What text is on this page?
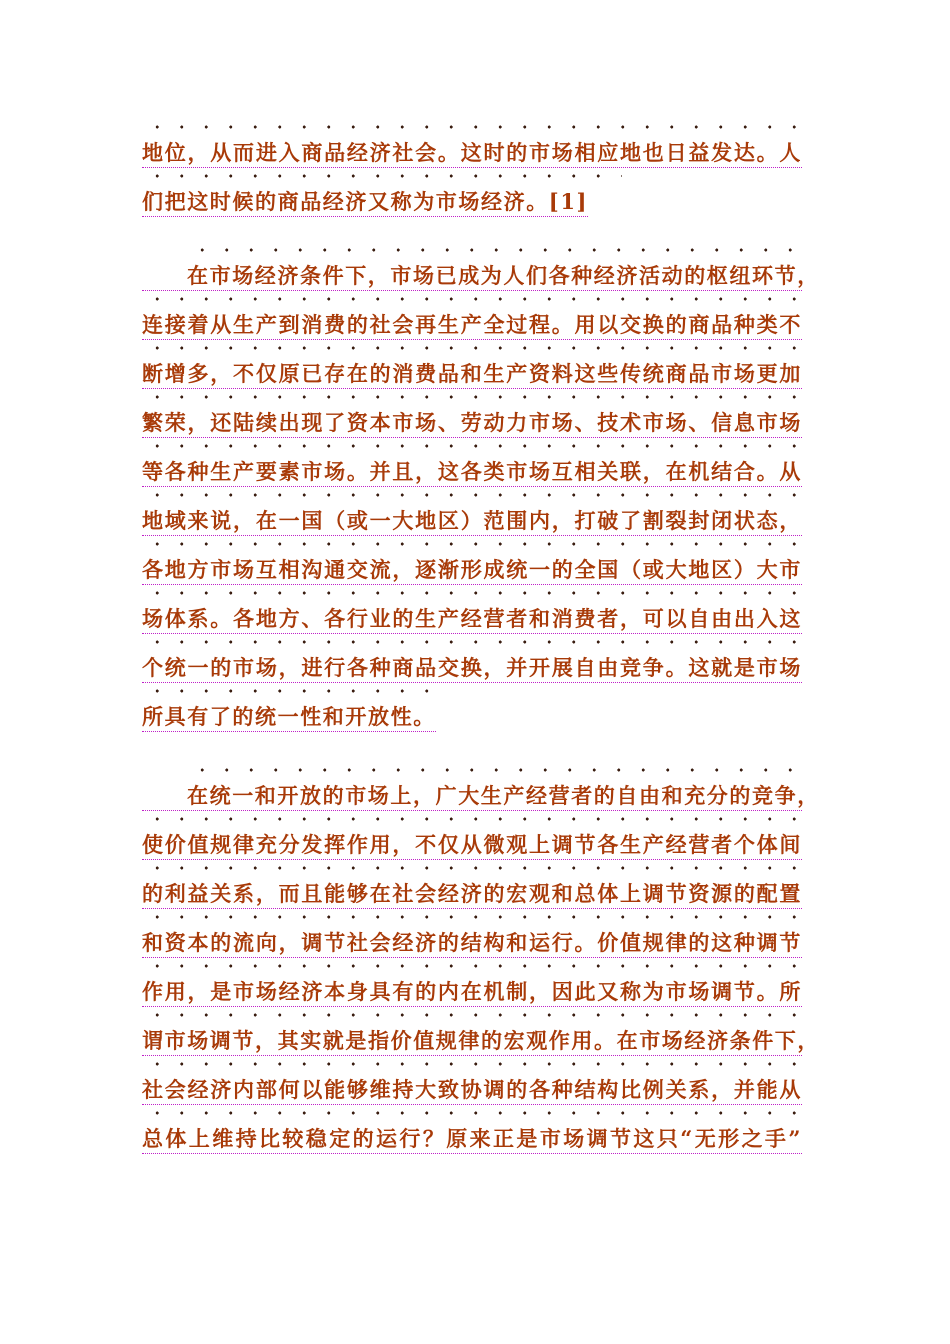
地位，从而进入商品经济社会。这时的市场相应地也日益发达。人
们把这时候的商品经济又称为市场经济。[1]
在市场经济条件下，市场已成为人们各种经济活动的枢纽环节，
连接着从生产到消费的社会再生产全过程。用以交换的商品种类不
断增多，不仅原已存在的消费品和生产资料这些传统商品市场更加
繁荣，还陆续出现了资本市场、劳动力市场、技术市场、信息市场
等各种生产要素市场。并且，这各类市场互相关联，在机结合。从
地域来说，在一国（或一大地区）范围内，打破了割裂封闭状态，
各地方市场互相沟通交流，逐渐形成统一的全国（或大地区）大市
场体系。各地方、各行业的生产经营者和消费者，可以自由出入这
个统一的市场，进行各种商品交换，并开展自由竞争。这就是市场
所具有了的统一性和开放性。
在统一和开放的市场上，广大生产经营者的自由和充分的竞争，
使价值规律充分发挥作用，不仅从微观上调节各生产经营者个体间
的利益关系，而且能够在社会经济的宏观和总体上调节资源的配置
和资本的流向，调节社会经济的结构和运行。价值规律的这种调节
作用，是市场经济本身具有的内在机制，因此又称为市场调节。所
谓市场调节，其实就是指价值规律的宏观作用。在市场经济条件下，
社会经济内部何以能够维持大致协调的各种结构比例关系，并能从
总体上维持比较稳定的运行？原来正是市场调节这只“无形之手”
